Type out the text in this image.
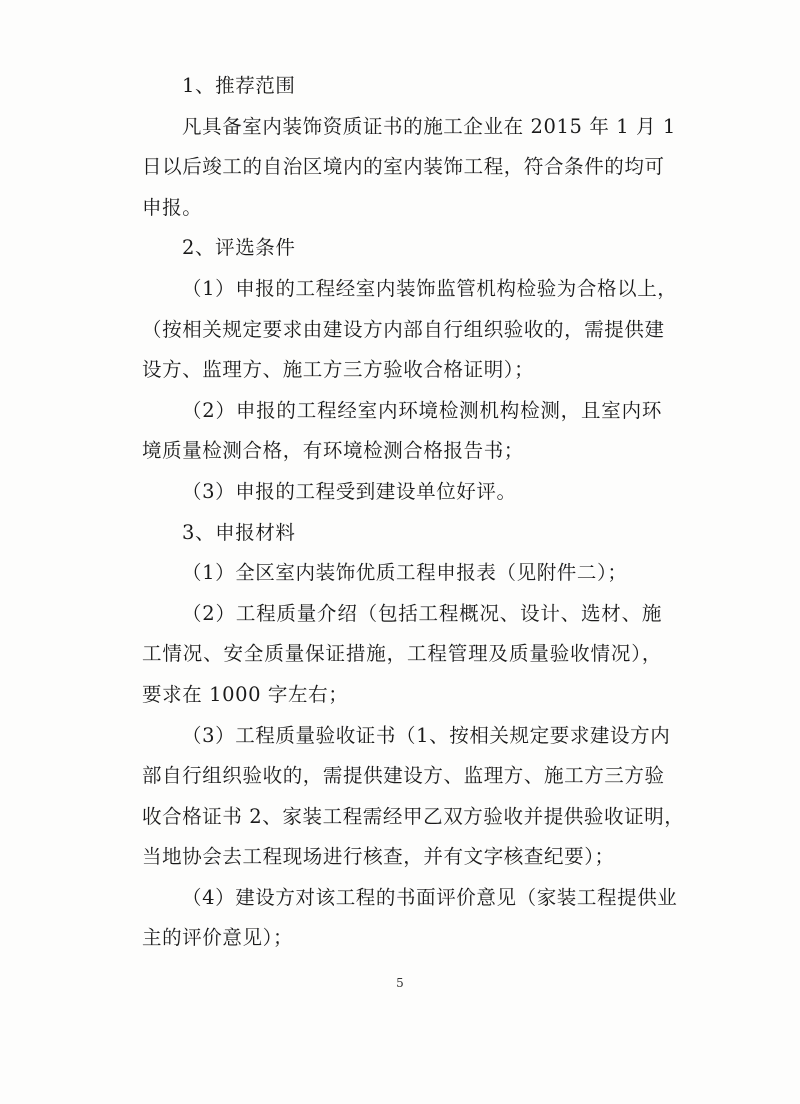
1、推荐范围
凡具备室内装饰资质证书的施工企业在 2015 年 1 月 1
日以后竣工的自治区境内的室内装饰工程，符合条件的均可
申报。
2、评选条件
（1）申报的工程经室内装饰监管机构检验为合格以上，
（按相关规定要求由建设方内部自行组织验收的，需提供建
设方、监理方、施工方三方验收合格证明）；
（2）申报的工程经室内环境检测机构检测，且室内环
境质量检测合格，有环境检测合格报告书；
（3）申报的工程受到建设单位好评。
3、申报材料
（1）全区室内装饰优质工程申报表（见附件二）；
（2）工程质量介绍（包括工程概况、设计、选材、施
工情况、安全质量保证措施，工程管理及质量验收情况），
要求在 1000 字左右；
（3）工程质量验收证书（1、按相关规定要求建设方内
部自行组织验收的，需提供建设方、监理方、施工方三方验
收合格证书 2、家装工程需经甲乙双方验收并提供验收证明，
当地协会去工程现场进行核查，并有文字核查纪要）；
（4）建设方对该工程的书面评价意见（家装工程提供业
主的评价意见）；
5
